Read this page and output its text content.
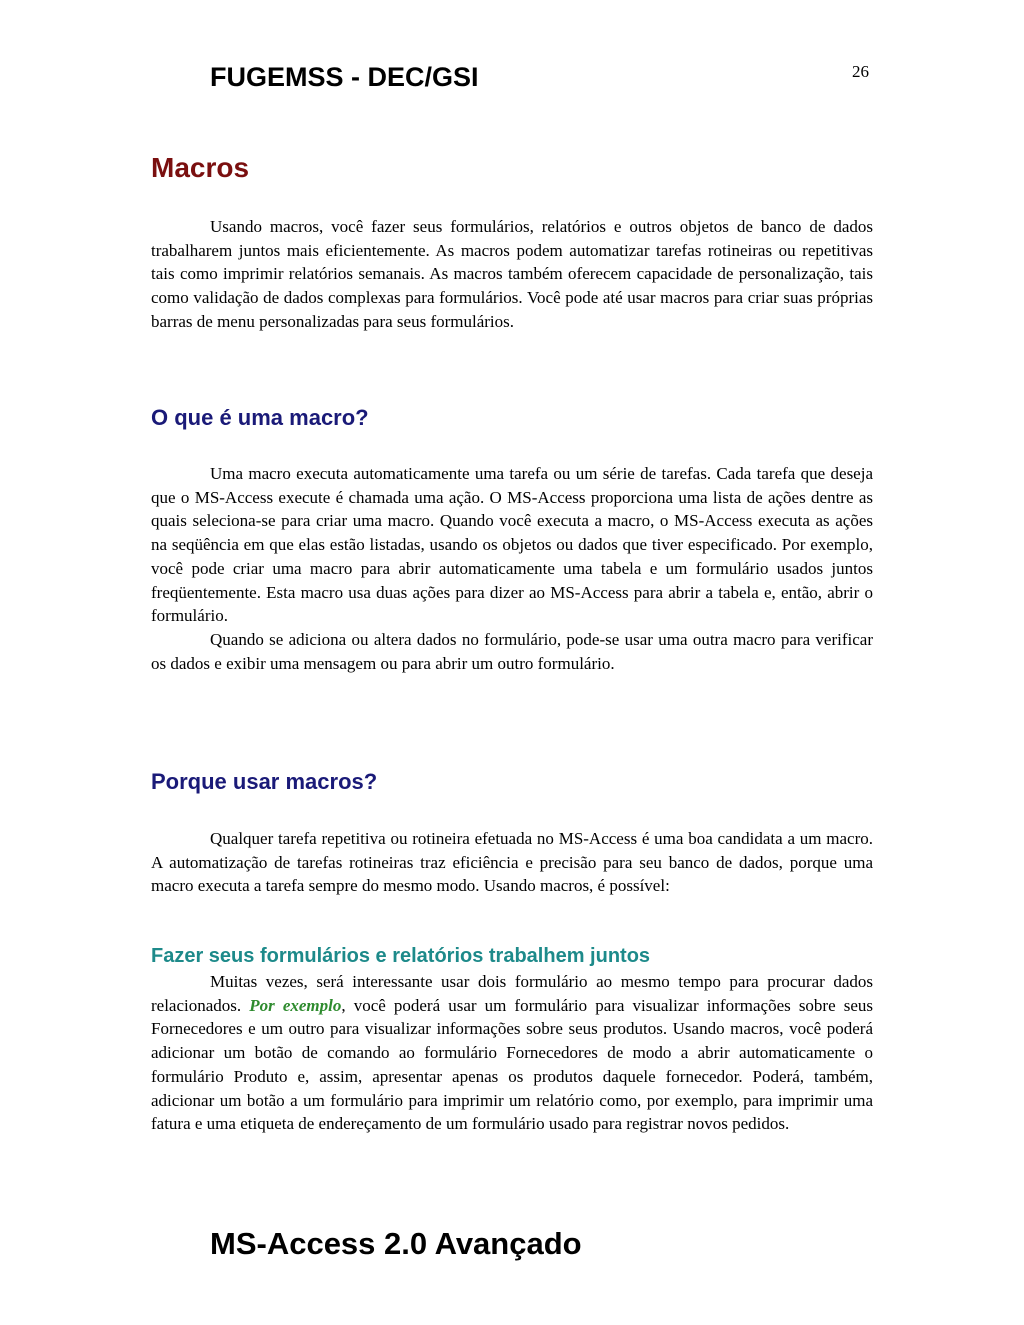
FUGEMSS - DEC/GSI	26
Macros

Usando macros, você fazer seus formulários, relatórios e outros objetos de banco de dados trabalharem juntos mais eficientemente. As macros podem automatizar tarefas rotineiras ou repetitivas tais como imprimir relatórios semanais. As macros também oferecem capacidade de personalização, tais como validação de dados complexas para formulários. Você pode até usar macros para criar suas próprias barras de menu personalizadas para seus formulários.

O que é uma macro?

Uma macro executa automaticamente uma tarefa ou um série de tarefas. Cada tarefa que deseja que o MS-Access execute é chamada uma ação. O MS-Access proporciona uma lista de ações dentre as quais seleciona-se para criar uma macro. Quando você executa a macro, o MS-Access executa as ações na seqüência em que elas estão listadas, usando os objetos ou dados que tiver especificado. Por exemplo, você pode criar uma macro para abrir automaticamente uma tabela e um formulário usados juntos freqüentemente. Esta macro usa duas ações para dizer ao MS-Access para abrir a tabela e, então, abrir o formulário.

Quando se adiciona ou altera dados no formulário, pode-se usar uma outra macro para verificar os dados e exibir uma mensagem ou para abrir um outro formulário.

Porque usar macros?

Qualquer tarefa repetitiva ou rotineira efetuada no MS-Access é uma boa candidata a um macro. A automatização de tarefas rotineiras traz eficiência e precisão para seu banco de dados, porque uma macro executa a tarefa sempre do mesmo modo. Usando macros, é possível:

Fazer seus formulários e relatórios trabalhem juntos

Muitas vezes, será interessante usar dois formulário ao mesmo tempo para procurar dados relacionados. Por exemplo, você poderá usar um formulário para visualizar informações sobre seus Fornecedores e um outro para visualizar informações sobre seus produtos. Usando macros, você poderá adicionar um botão de comando ao formulário Fornecedores de modo a abrir automaticamente o formulário Produto e, assim, apresentar apenas os produtos daquele fornecedor. Poderá, também, adicionar um botão a um formulário para imprimir um relatório como, por exemplo, para imprimir uma fatura e uma etiqueta de endereçamento de um formulário usado para registrar novos pedidos.

MS-Access 2.0 Avançado
